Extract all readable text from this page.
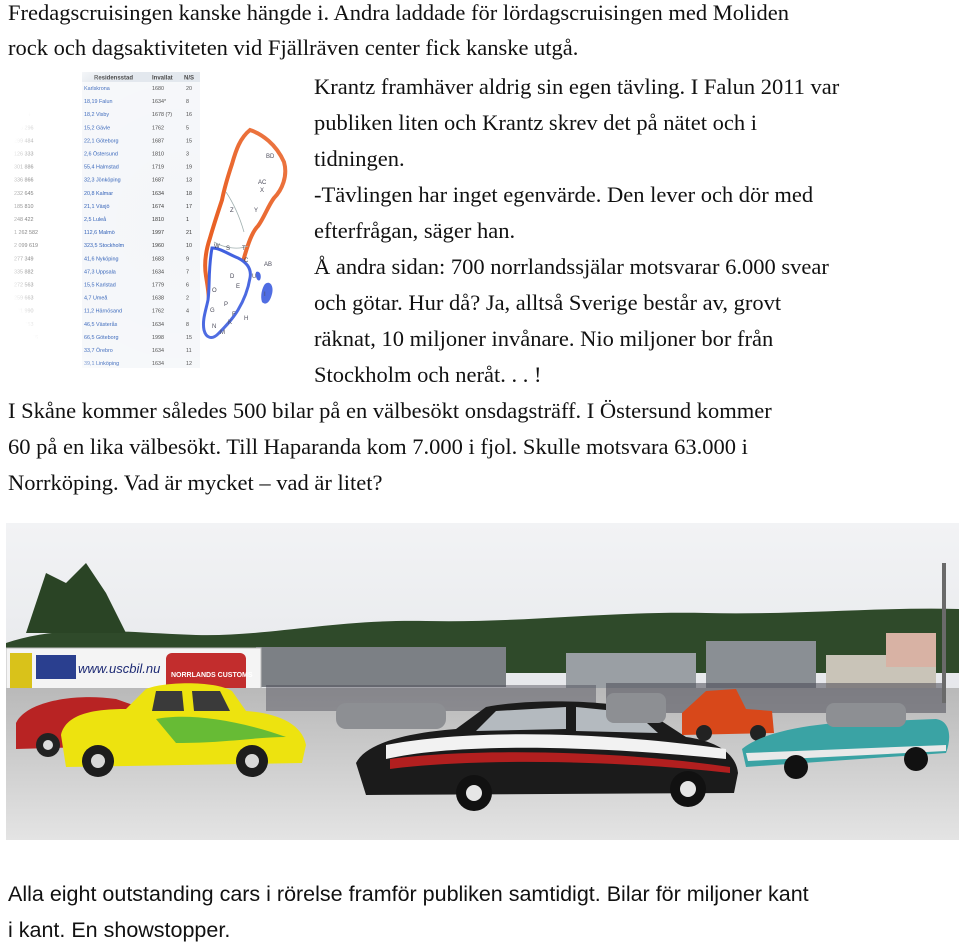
Fredagscruisingen kanske hängde i. Andra laddade för lördagscruisingen med Moliden
rock och dagsaktiviteten vid Fjällräven center fick kanske utgå.
Krantz framhäver aldrig sin egen tävling. I Falun 2011 var
publiken liten och Krantz skrev det på nätet och i
tidningen.
-Tävlingen har inget egenvärde. Den lever och dör med
efterfrågan, säger han.
Å andra sidan: 700 norrlandssjälar motsvarar 6.000 svear
och götar. Hur då? Ja, alltså Sverige består av, grovt
räknat, 10 miljoner invånare. Nio miljoner bor från
Stockholm och neråt. . . !
I Skåne kommer således 500 bilar på en välbesökt onsdagsträff. I Östersund kommer
60 på en lika välbesökt. Till Haparanda kom 7.000 i fjol. Skulle motsvara 63.000 i
Norrköping. Vad är mycket – vad är litet?
www.uscbil.nu NORRLANDS CUSTOMS
Alla eight outstanding cars i rörelse framför publiken samtidigt. Bilar för miljoner kant
i kant. En showstopper.
